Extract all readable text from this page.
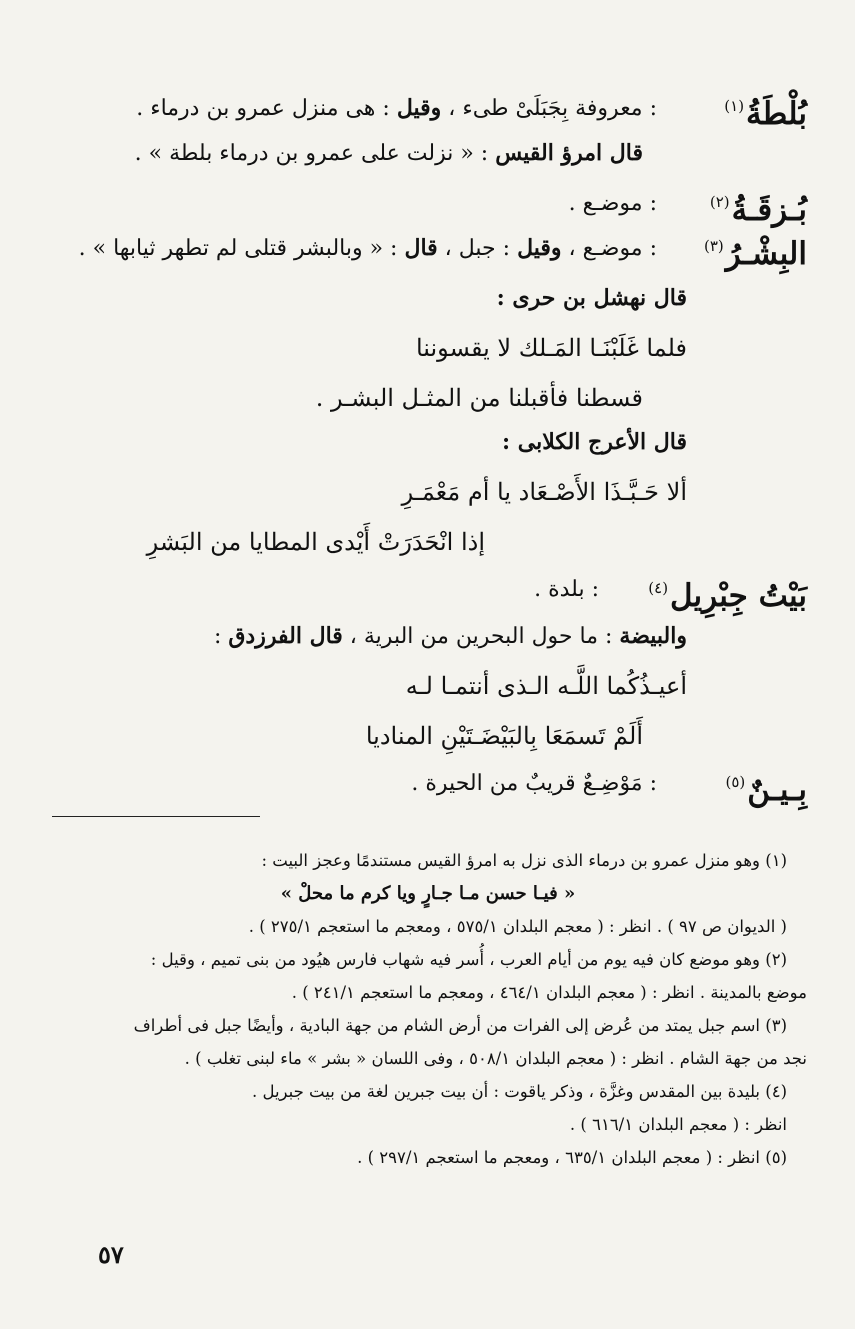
بُلْطَةُ$^{(١)}$
: معروفة بِجَبَلَىْ طىء ، وقيل : هى منزل عمرو بن درماء .
قال امرؤ القيس : « نزلت على عمرو بن درماء بلطة » .
بُـزقَـةُ$^{(٢)}$
: موضـع .
البِشْـرُ$^{(٣)}$
: موضـع ، وقيل : جبل ، قال : « وبالبشر قتلى لم تطهر ثيابها » .
قال نهشل بن حرى :
فلما غَلَبْنَـا المَـلك لا يقسوننا
قسطنا فأقبلنا من المثـل البشـر .
قال الأعرج الكلابى :
ألا حَـبَّـذَا الأَصْـعَاد يا أم مَعْمَـرِ
إذا انْحَدَرَتْ أَيْدى المطايا من البَشرِ
بَيْتُ جِبْرِيل$^{(٤)}$
: بلدة .
والبيضة : ما حول البحرين من البرية ، قال الفرزدق :
أعيـذُكُما اللَّـه الـذى أنتمـا لـه
أَلَمْ تَسمَعَا بِالبَيْضَـتَيْنِ المناديا
بِـيـنٌ$^{(٥)}$
: مَوْضِـعٌ قريبٌ من الحيرة .
(١) وهو منزل عمرو بن درماء الذى نزل به امرؤ القيس مستندمًا وعجز البيت :
« فيـا حسن مـا جـارٍ ويا كرم ما محلْ »
( الديوان ص ٩٧ ) . انظر : ( معجم البلدان ٥٧٥/١ ، ومعجم ما استعجم ٢٧٥/١ ) .
(٢) وهو موضع كان فيه يوم من أيام العرب ، أُسر فيه شهاب فارس هيُود من بنى تميم ، وقيل :
موضع بالمدينة . انظر : ( معجم البلدان ٤٦٤/١ ، ومعجم ما استعجم ٢٤١/١ ) .
(٣) اسم جبل يمتد من عُرض إلى الفرات من أرض الشام من جهة البادية ، وأيضًا جبل فى أطراف
نجد من جهة الشام . انظر : ( معجم البلدان ٥٠٨/١ ، وفى اللسان « بشر » ماء لبنى تغلب ) .
(٤) بليدة بين المقدس وغزَّة ، وذكر ياقوت : أن بيت جبرين لغة من بيت جبريل .
انظر : ( معجم البلدان ٦١٦/١ ) .
(٥) انظر : ( معجم البلدان ٦٣٥/١ ، ومعجم ما استعجم ٢٩٧/١ ) .
٥٧
